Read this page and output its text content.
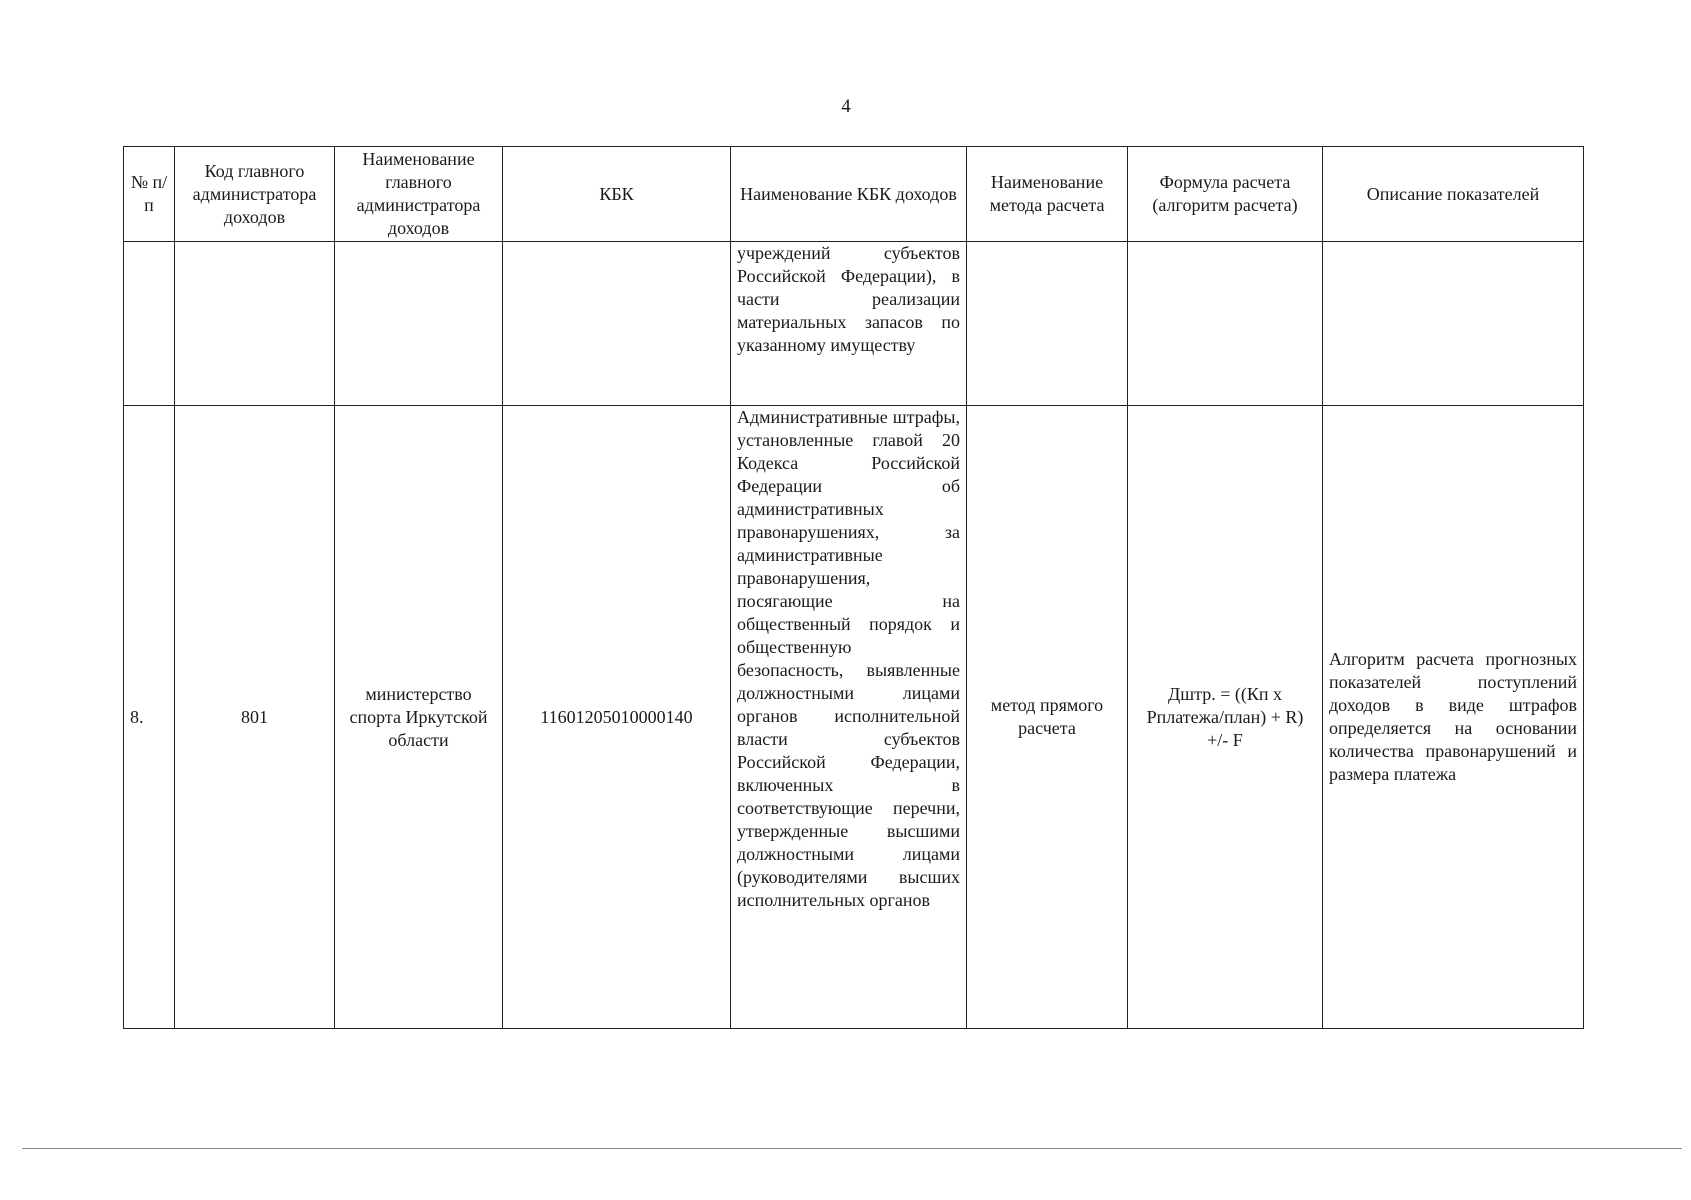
4
№ п/п	Код главного администратора доходов	Наименование главного администратора доходов	КБК	Наименование КБК доходов	Наименование метода расчета	Формула расчета (алгоритм расчета)	Описание показателей
				учреждений субъектов Российской Федерации), в части реализации материальных запасов по указанному имуществу			
8.	801	министерство спорта Иркутской области	11601205010000140	Административные штрафы, установленные главой 20 Кодекса Российской Федерации об административных правонарушениях, за административные правонарушения, посягающие на общественный порядок и общественную безопасность, выявленные должностными лицами органов исполнительной власти субъектов Российской Федерации, включенных в соответствующие перечни, утвержденные высшими должностными лицами (руководителями высших исполнительных органов	метод прямого расчета	Дштр. = ((Кп х Рплатежа/план) + R) +/- F	Алгоритм расчета прогнозных показателей поступлений доходов в виде штрафов определяется на основании количества правонарушений и размера платежа
